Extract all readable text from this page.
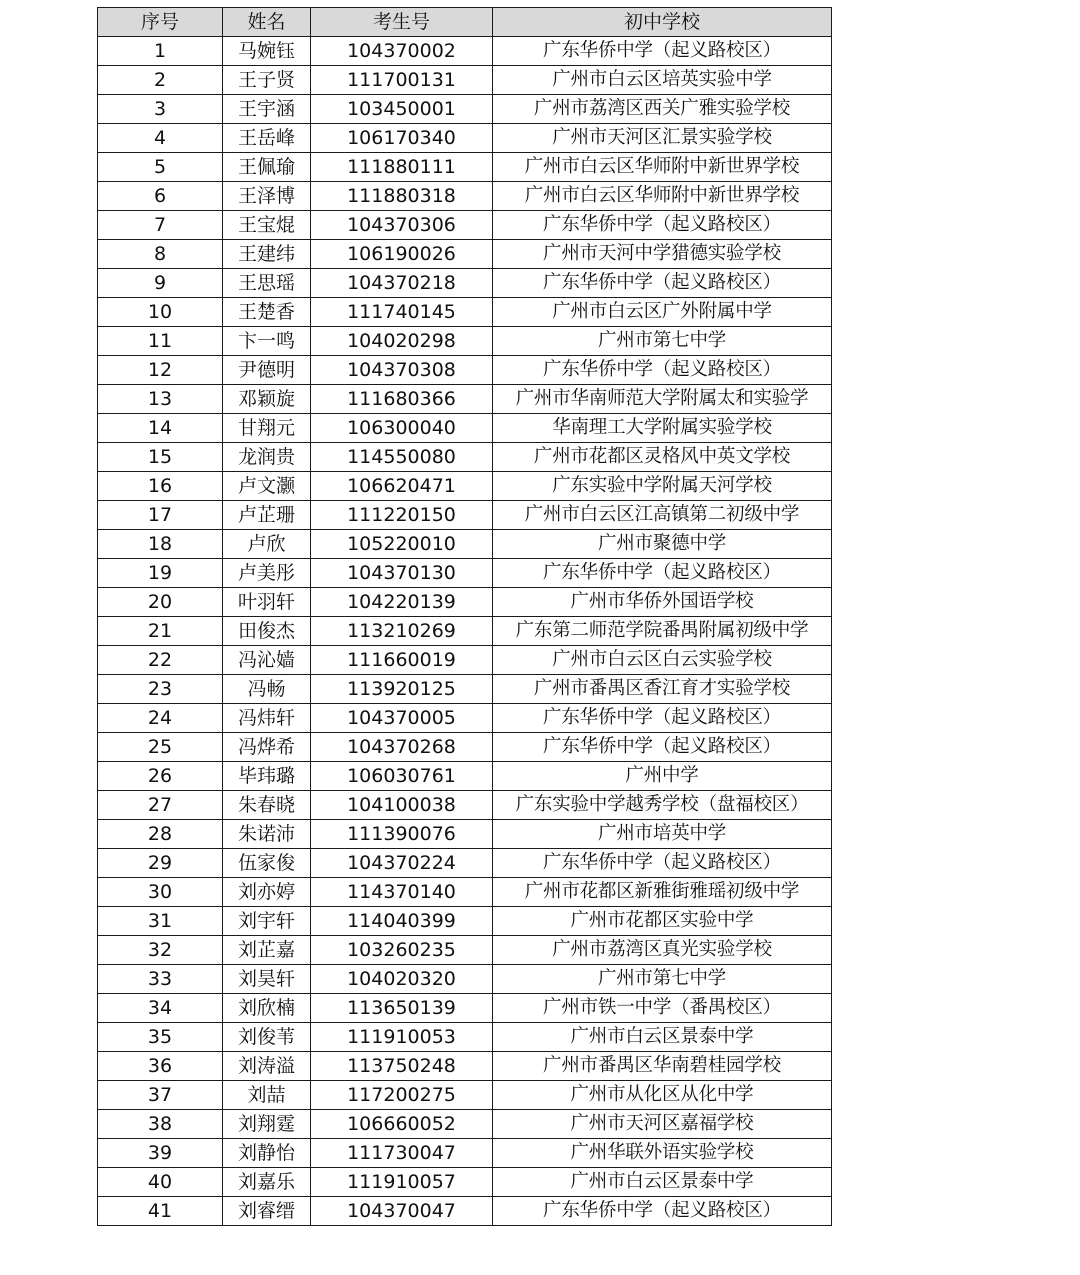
序号	姓名	考生号	初中学校
1	马婉钰	104370002	广东华侨中学（起义路校区）
2	王子贤	111700131	广州市白云区培英实验中学
3	王宇涵	103450001	广州市荔湾区西关广雅实验学校
4	王岳峰	106170340	广州市天河区汇景实验学校
5	王佩瑜	111880111	广州市白云区华师附中新世界学校
6	王泽博	111880318	广州市白云区华师附中新世界学校
7	王宝焜	104370306	广东华侨中学（起义路校区）
8	王建纬	106190026	广州市天河中学猎德实验学校
9	王思瑶	104370218	广东华侨中学（起义路校区）
10	王楚香	111740145	广州市白云区广外附属中学
11	卞一鸣	104020298	广州市第七中学
12	尹德明	104370308	广东华侨中学（起义路校区）
13	邓颖旋	111680366	广州市华南师范大学附属太和实验学
14	甘翔元	106300040	华南理工大学附属实验学校
15	龙润贵	114550080	广州市花都区灵格风中英文学校
16	卢文灏	106620471	广东实验中学附属天河学校
17	卢芷珊	111220150	广州市白云区江高镇第二初级中学
18	卢欣	105220010	广州市聚德中学
19	卢美彤	104370130	广东华侨中学（起义路校区）
20	叶羽轩	104220139	广州市华侨外国语学校
21	田俊杰	113210269	广东第二师范学院番禺附属初级中学
22	冯沁嫱	111660019	广州市白云区白云实验学校
23	冯畅	113920125	广州市番禺区香江育才实验学校
24	冯炜轩	104370005	广东华侨中学（起义路校区）
25	冯烨希	104370268	广东华侨中学（起义路校区）
26	毕玮璐	106030761	广州中学
27	朱春晓	104100038	广东实验中学越秀学校（盘福校区）
28	朱诺沛	111390076	广州市培英中学
29	伍家俊	104370224	广东华侨中学（起义路校区）
30	刘亦婷	114370140	广州市花都区新雅街雅瑶初级中学
31	刘宇轩	114040399	广州市花都区实验中学
32	刘芷嘉	103260235	广州市荔湾区真光实验学校
33	刘昊轩	104020320	广州市第七中学
34	刘欣楠	113650139	广州市铁一中学（番禺校区）
35	刘俊苇	111910053	广州市白云区景泰中学
36	刘涛溢	113750248	广州市番禺区华南碧桂园学校
37	刘喆	117200275	广州市从化区从化中学
38	刘翔霆	106660052	广州市天河区嘉福学校
39	刘静怡	111730047	广州华联外语实验学校
40	刘嘉乐	111910057	广州市白云区景泰中学
41	刘睿缙	104370047	广东华侨中学（起义路校区）
